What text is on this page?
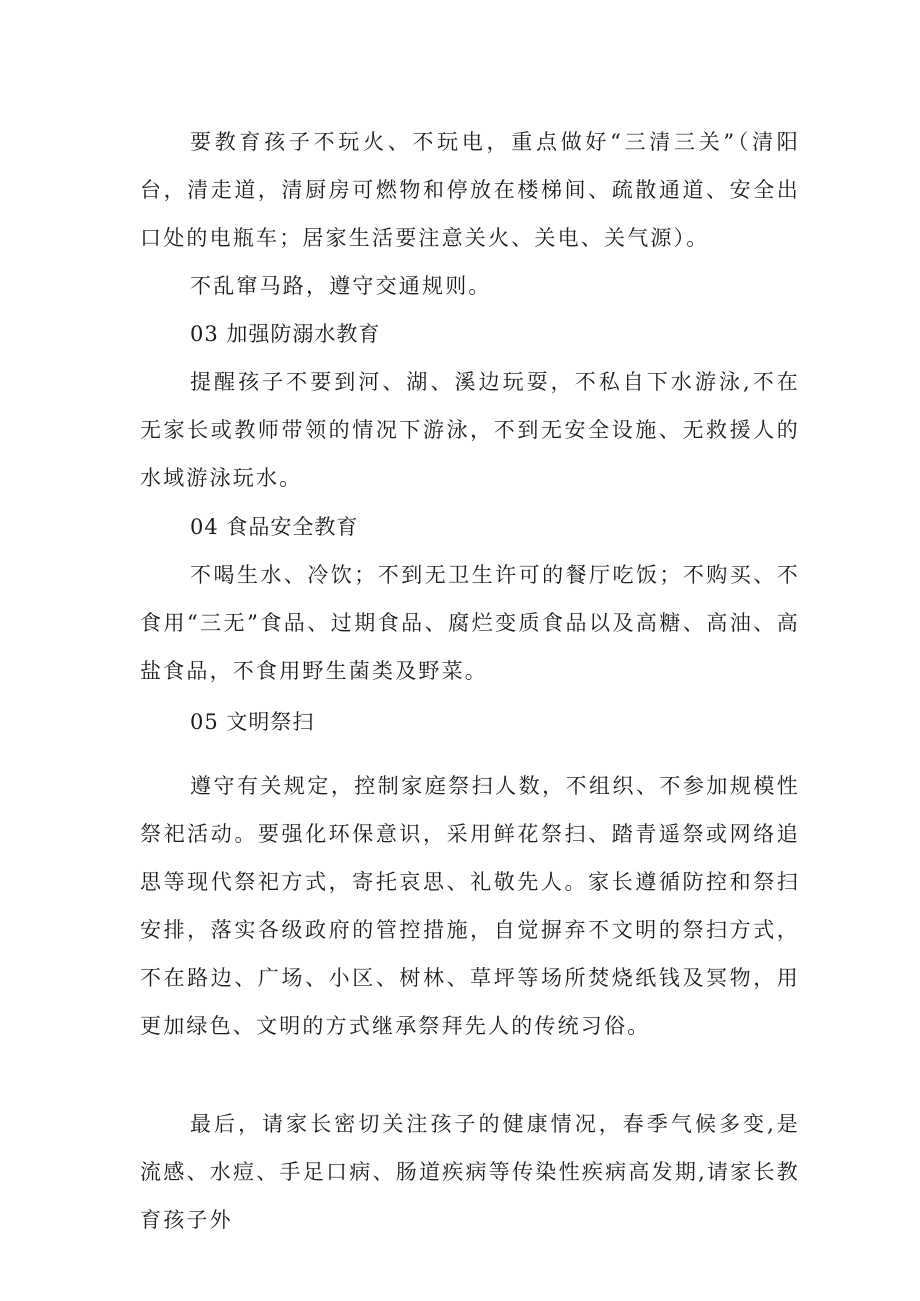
要教育孩子不玩火、不玩电，重点做好“三清三关”（清阳台，清走道，清厨房可燃物和停放在楼梯间、疏散通道、安全出口处的电瓶车；居家生活要注意关火、关电、关气源）。

不乱窜马路，遵守交通规则。

03 加强防溺水教育

提醒孩子不要到河、湖、溪边玩耍，不私自下水游泳,不在无家长或教师带领的情况下游泳，不到无安全设施、无救援人的水域游泳玩水。

04 食品安全教育

不喝生水、冷饮；不到无卫生许可的餐厅吃饭；不购买、不食用“三无”食品、过期食品、腐烂变质食品以及高糖、高油、高盐食品，不食用野生菌类及野菜。

05 文明祭扫

遵守有关规定，控制家庭祭扫人数，不组织、不参加规模性祭祀活动。要强化环保意识，采用鲜花祭扫、踏青遥祭或网络追思等现代祭祀方式，寄托哀思、礼敬先人。家长遵循防控和祭扫安排，落实各级政府的管控措施，自觉摒弃不文明的祭扫方式，不在路边、广场、小区、树林、草坪等场所焚烧纸钱及冥物，用更加绿色、文明的方式继承祭拜先人的传统习俗。

最后，请家长密切关注孩子的健康情况，春季气候多变,是流感、水痘、手足口病、肠道疾病等传染性疾病高发期,请家长教育孩子外
